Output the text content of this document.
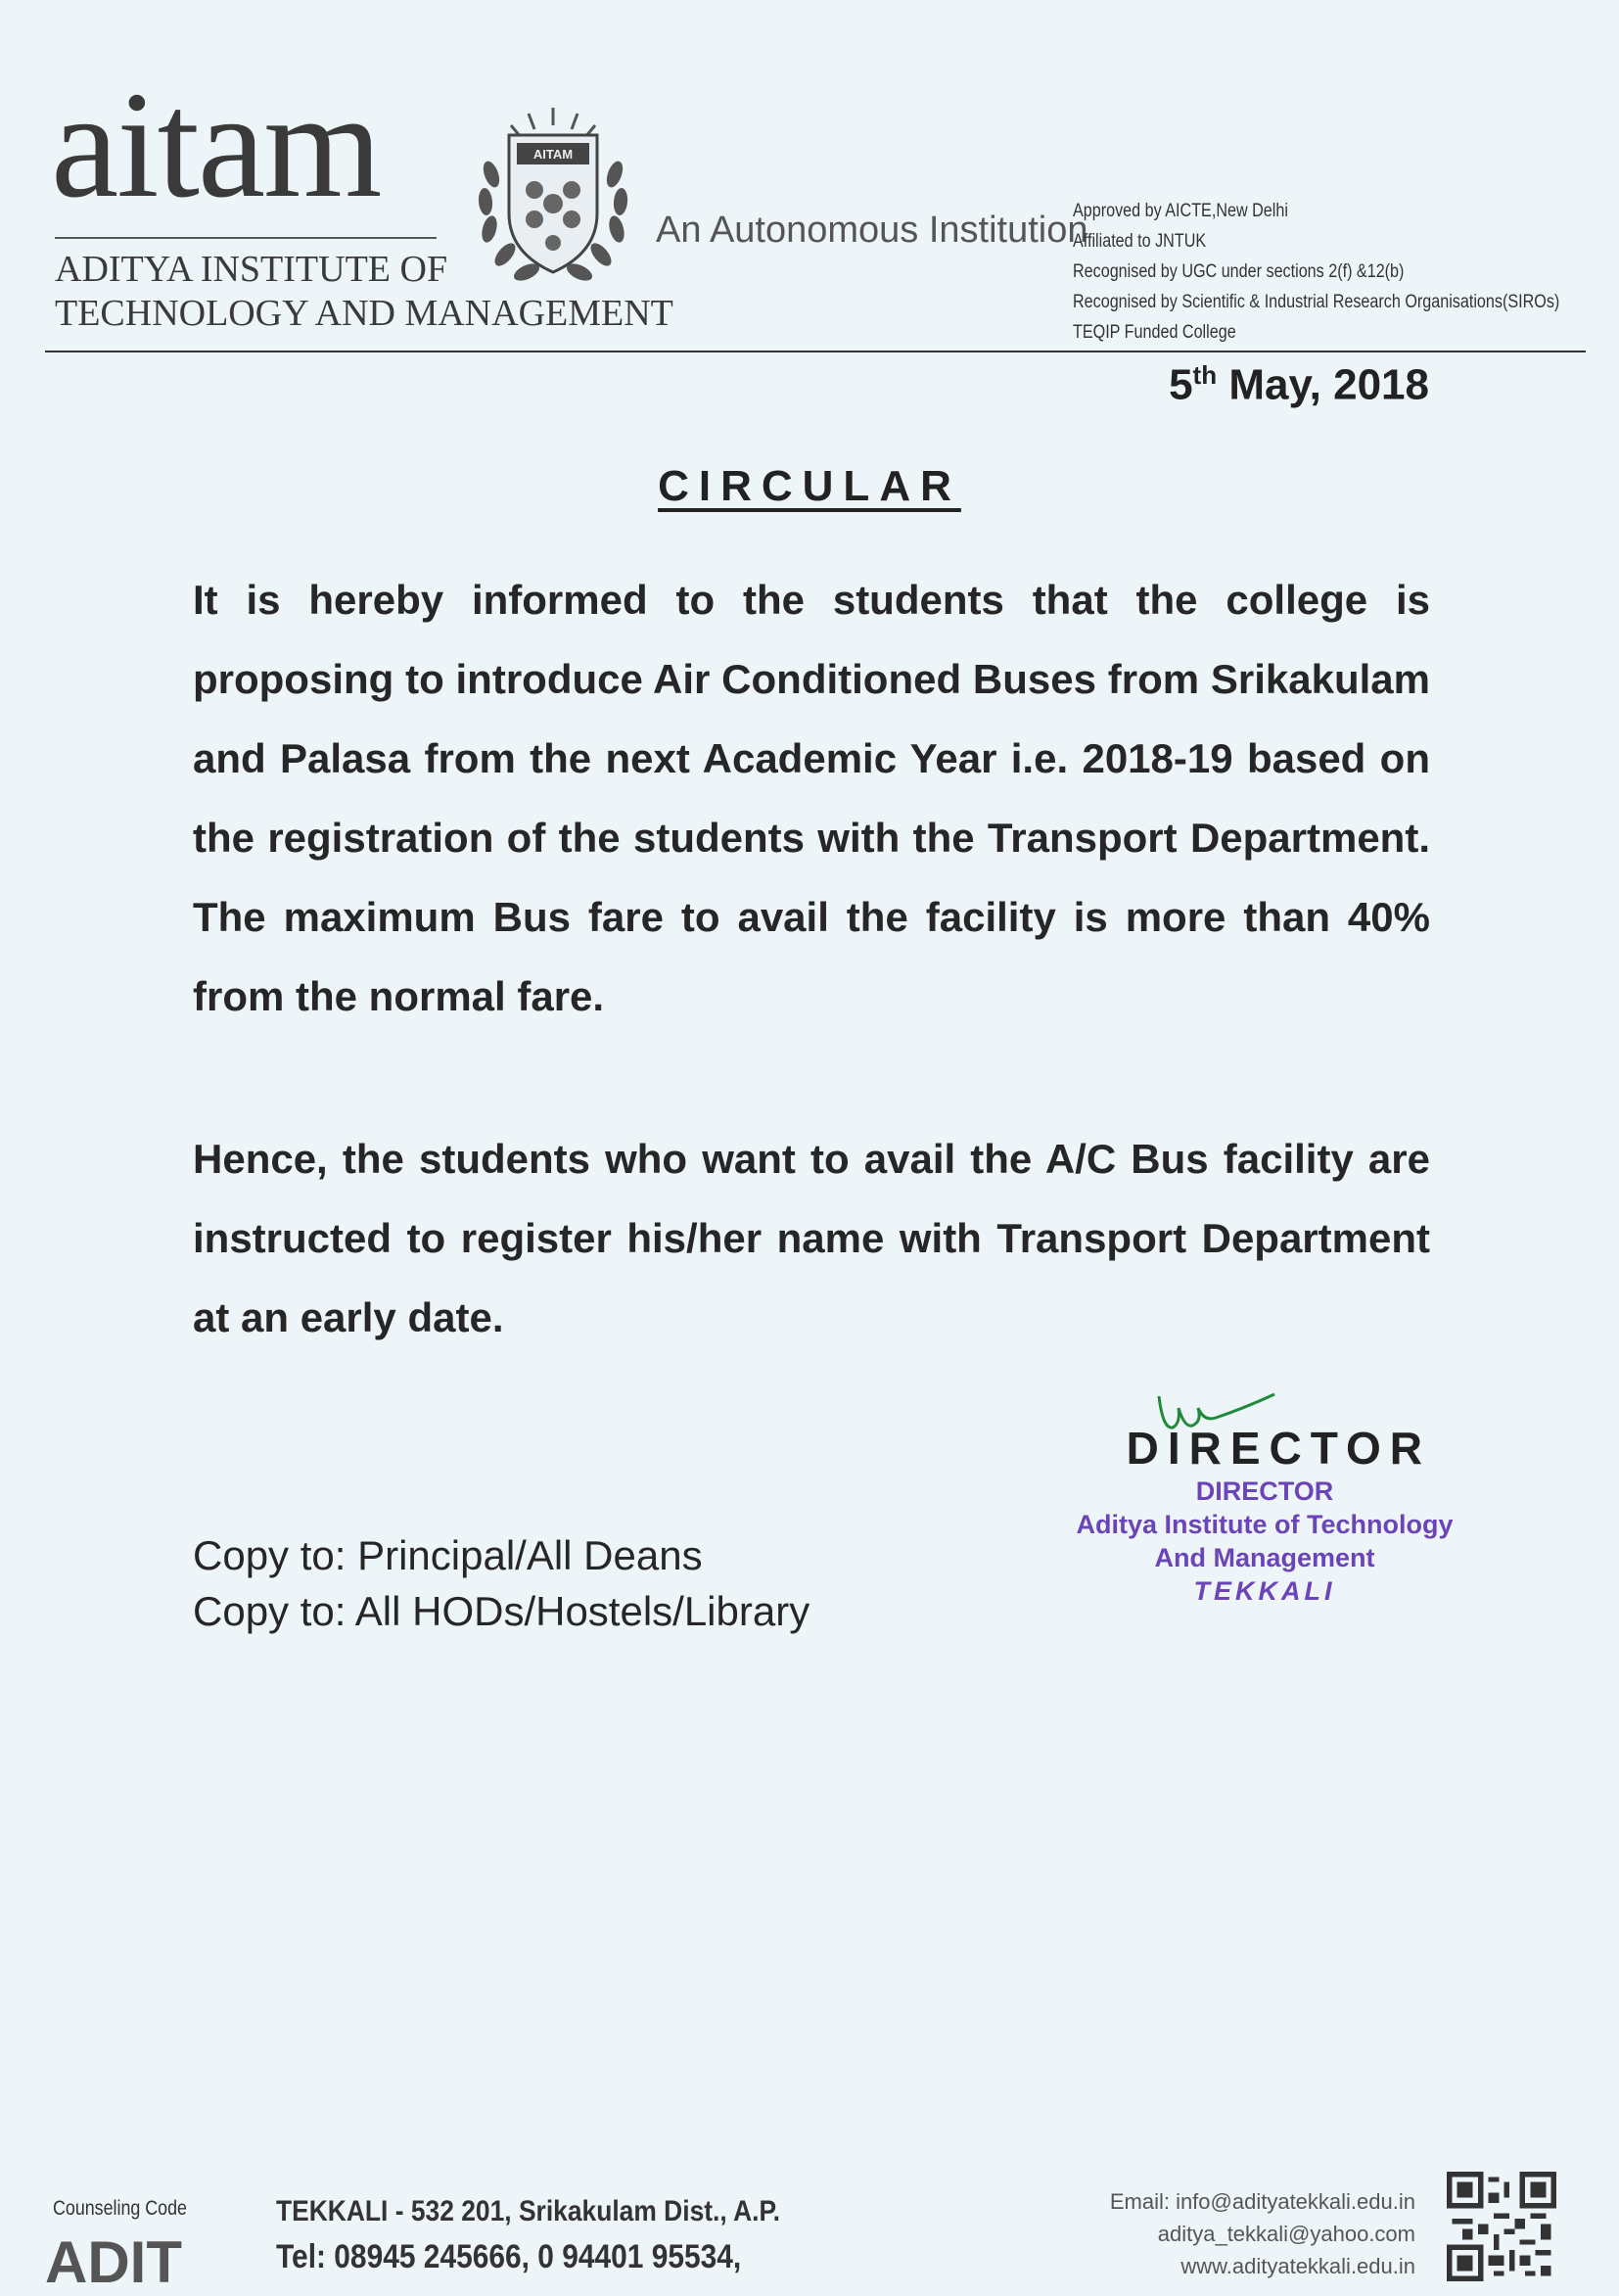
aitam
ADITYA INSTITUTE OF
TECHNOLOGY AND MANAGEMENT
AITAM
An Autonomous Institution
Approved by AICTE,New Delhi
Affiliated to JNTUK
Recognised by UGC under sections 2(f) &12(b)
Recognised by Scientific & Industrial Research Organisations(SIROs)
TEQIP Funded College
5th May, 2018
CIRCULAR
It is hereby informed to the students that the college is proposing to introduce Air Conditioned Buses from Srikakulam and Palasa from the next Academic Year i.e. 2018-19 based on the registration of the students with the Transport Department. The maximum Bus fare to avail the facility is more than 40% from the normal fare.
Hence, the students who want to avail the A/C Bus facility are instructed to register his/her name with Transport Department at an early date.
DIRECTOR
DIRECTOR
Aditya Institute of Technology
And Management
TEKKALI
Copy to: Principal/All Deans
Copy to: All HODs/Hostels/Library
Counseling Code
ADIT
TEKKALI - 532 201, Srikakulam Dist., A.P.
Tel: 08945 245666, 0 94401 95534,
Email: info@adityatekkali.edu.in
aditya_tekkali@yahoo.com
www.adityatekkali.edu.in
